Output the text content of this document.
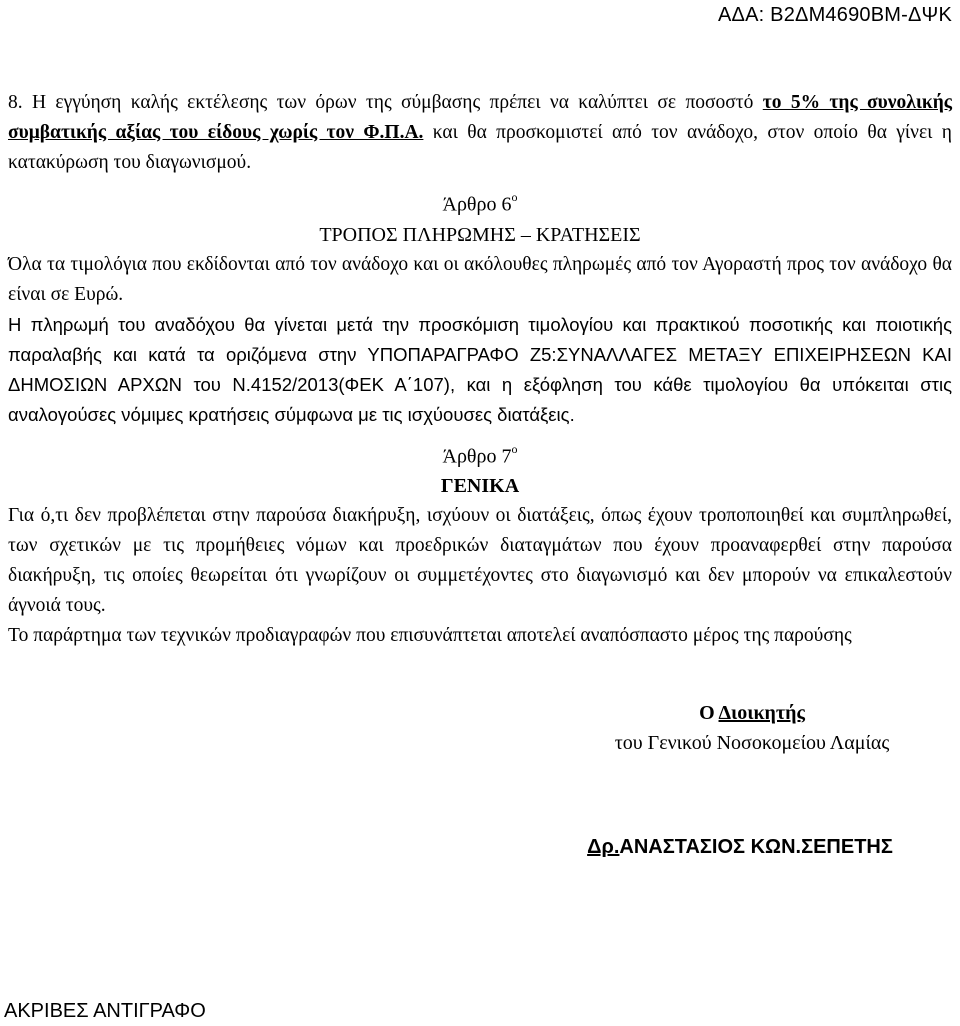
ΑΔΑ: Β2ΔΜ4690ΒΜ-ΔΨΚ

8. Η εγγύηση καλής εκτέλεσης των όρων της σύμβασης πρέπει να καλύπτει σε ποσοστό το 5% της συνολικής συμβατικής αξίας του είδους χωρίς τον Φ.Π.Α. και θα προσκομιστεί από τον ανάδοχο, στον οποίο θα γίνει η κατακύρωση του διαγωνισμού.

Άρθρο $6^o$

ΤΡΟΠΟΣ ΠΛΗΡΩΜΗΣ – ΚΡΑΤΗΣΕΙΣ

Όλα τα τιμολόγια που εκδίδονται από τον ανάδοχο και οι ακόλουθες πληρωμές από τον Αγοραστή προς τον ανάδοχο θα είναι σε Ευρώ.

Η πληρωμή του αναδόχου θα γίνεται μετά την προσκόμιση τιμολογίου και πρακτικού ποσοτικής και ποιοτικής παραλαβής και κατά τα οριζόμενα στην ΥΠΟΠΑΡΑΓΡΑΦΟ Ζ5:ΣΥΝΑΛΛΑΓΕΣ ΜΕΤΑΞΥ ΕΠΙΧΕΙΡΗΣΕΩΝ ΚΑΙ ΔΗΜΟΣΙΩΝ ΑΡΧΩΝ του Ν.4152/2013(ΦΕΚ Α΄107), και η εξόφληση του κάθε τιμολογίου θα υπόκειται στις αναλογούσες νόμιμες κρατήσεις σύμφωνα με τις ισχύουσες διατάξεις.

Άρθρο $7^o$

ΓΕΝΙΚΑ

Για ό,τι δεν προβλέπεται στην παρούσα διακήρυξη, ισχύουν οι διατάξεις, όπως έχουν τροποποιηθεί και συμπληρωθεί, των σχετικών με τις προμήθειες νόμων και προεδρικών διαταγμάτων που έχουν προαναφερθεί στην παρούσα διακήρυξη, τις οποίες θεωρείται ότι γνωρίζουν οι συμμετέχοντες στο διαγωνισμό και δεν μπορούν να επικαλεστούν άγνοιά τους.

Το παράρτημα των τεχνικών προδιαγραφών που επισυνάπτεται αποτελεί αναπόσπαστο μέρος της παρούσης

Ο Διοικητής
του Γενικού Νοσοκομείου Λαμίας
Δρ.ΑΝΑΣΤΑΣΙΟΣ ΚΩΝ.ΣΕΠΕΤΗΣ
ΑΚΡΙΒΕΣ ΑΝΤΙΓΡΑΦΟ
